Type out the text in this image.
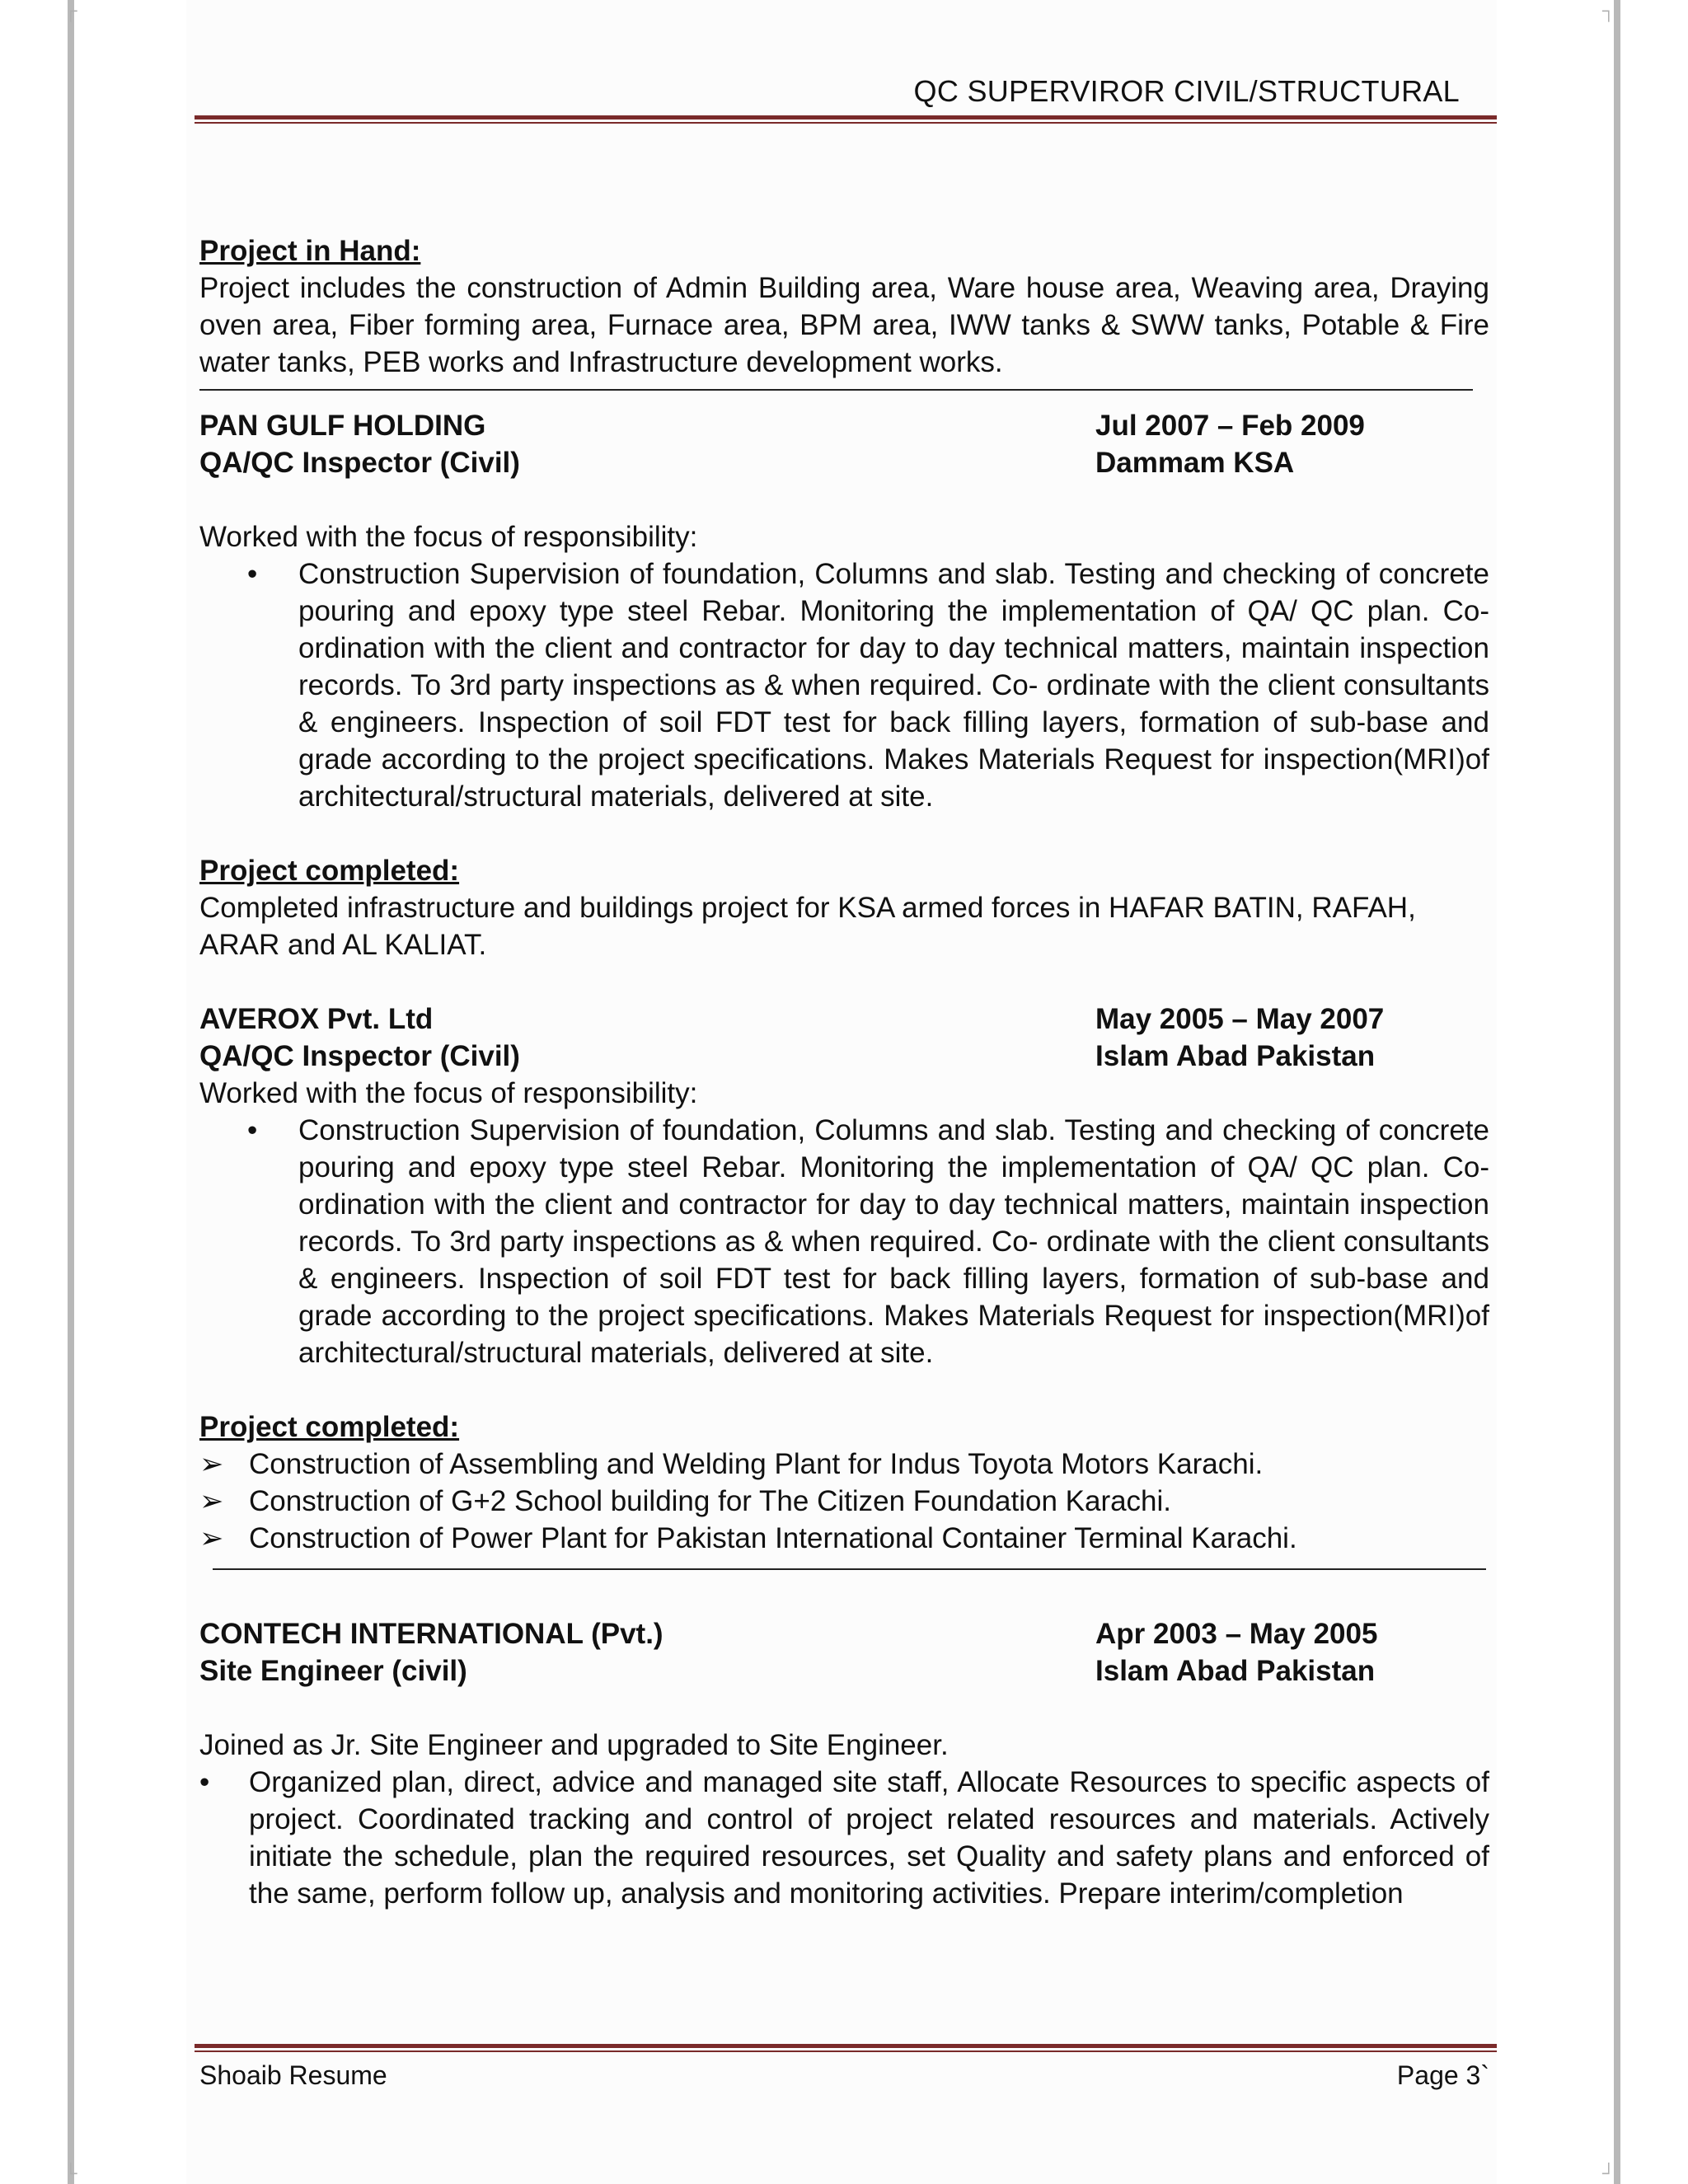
┌	┐
└	┘
QC SUPERVIROR CIVIL/STRUCTURAL
Project in Hand:
Project includes the construction of Admin Building area, Ware house area, Weaving area, Draying oven area, Fiber forming area, Furnace area, BPM area, IWW tanks & SWW tanks, Potable & Fire water tanks, PEB works and Infrastructure development works.
PAN GULF HOLDING	Jul 2007 – Feb 2009
QA/QC Inspector (Civil)	Dammam KSA
Worked with the focus of responsibility:
• Construction Supervision of foundation, Columns and slab. Testing and checking of concrete pouring and epoxy type steel Rebar. Monitoring the implementation of QA/ QC plan. Co-ordination with the client and contractor for day to day technical matters, maintain inspection records. To 3rd party inspections as & when required. Co- ordinate with the client consultants & engineers. Inspection of soil FDT test for back filling layers, formation of sub-base and grade according to the project specifications. Makes Materials Request for inspection(MRI)of architectural/structural materials, delivered at site.
Project completed:
Completed infrastructure and buildings project for KSA armed forces in HAFAR BATIN, RAFAH, ARAR and AL KALIAT.
AVEROX Pvt. Ltd	May 2005 – May 2007
QA/QC Inspector (Civil)	Islam Abad Pakistan
Worked with the focus of responsibility:
• Construction Supervision of foundation, Columns and slab. Testing and checking of concrete pouring and epoxy type steel Rebar. Monitoring the implementation of QA/ QC plan. Co-ordination with the client and contractor for day to day technical matters, maintain inspection records. To 3rd party inspections as & when required. Co- ordinate with the client consultants & engineers. Inspection of soil FDT test for back filling layers, formation of sub-base and grade according to the project specifications. Makes Materials Request for inspection(MRI)of architectural/structural materials, delivered at site.
Project completed:
➢ Construction of Assembling and Welding Plant for Indus Toyota Motors Karachi.
➢ Construction of G+2 School building for The Citizen Foundation Karachi.
➢ Construction of Power Plant for Pakistan International Container Terminal Karachi.
CONTECH INTERNATIONAL (Pvt.)	Apr 2003 – May 2005
Site Engineer (civil)	Islam Abad Pakistan
Joined as Jr. Site Engineer and upgraded to Site Engineer.
• Organized plan, direct, advice and managed site staff, Allocate Resources to specific aspects of project. Coordinated tracking and control of project related resources and materials. Actively initiate the schedule, plan the required resources, set Quality and safety plans and enforced of the same, perform follow up, analysis and monitoring activities. Prepare interim/completion
Shoaib Resume	Page 3`
